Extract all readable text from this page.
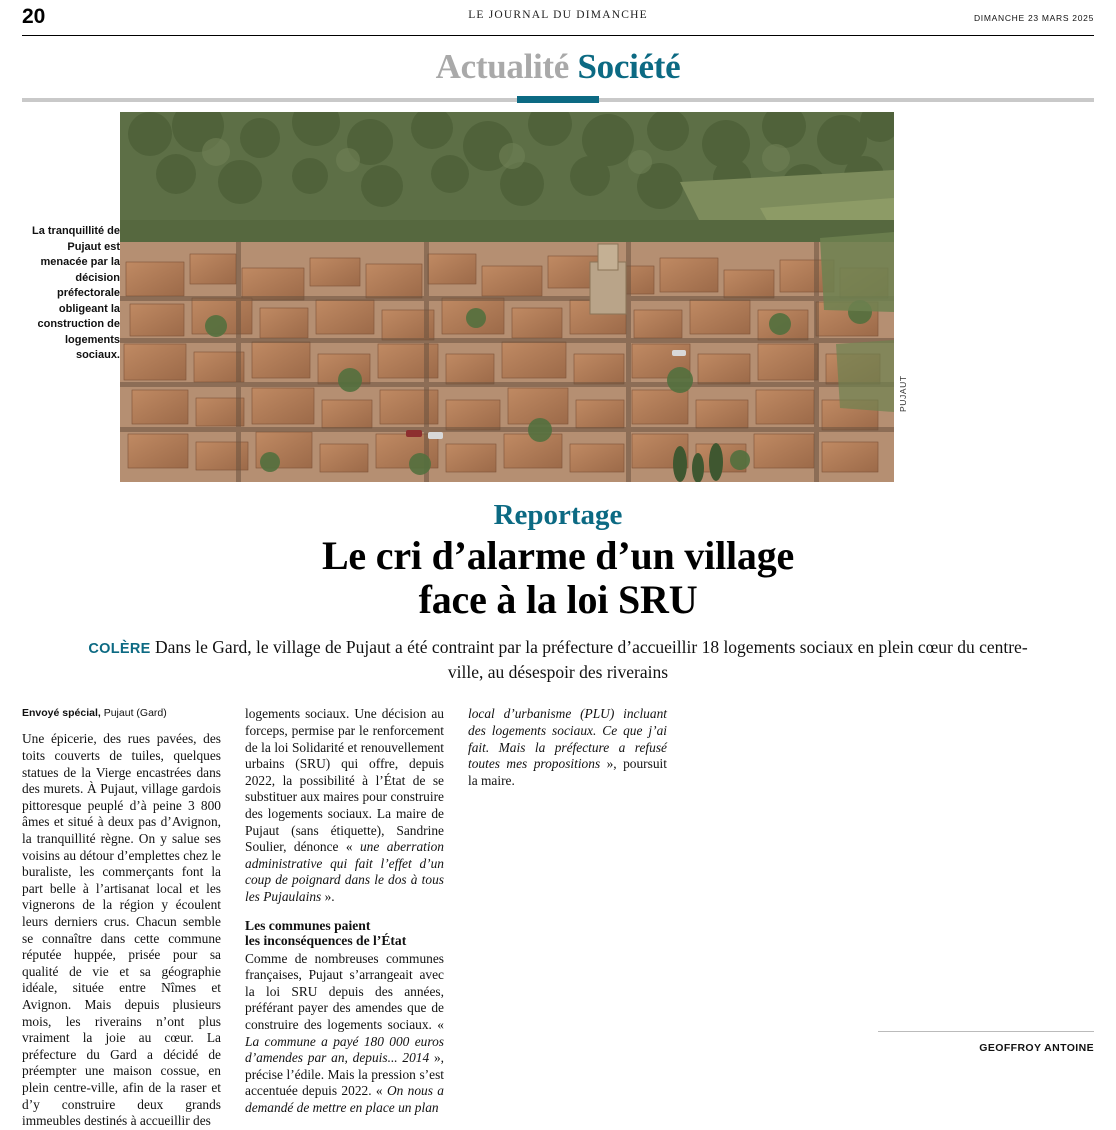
20	LE JOURNAL DU DIMANCHE	DIMANCHE 23 MARS 2025
Actualité Société
La tranquillité de Pujaut est menacée par la décision préfectorale obligeant la construction de logements sociaux.
PUJAUT
Reportage
Le cri d’alarme d’un village
face à la loi SRU
COLÈRE Dans le Gard, le village de Pujaut a été contraint par la préfecture d’accueillir 18 logements sociaux en plein cœur du centre-ville, au désespoir des riverains
Envoyé spécial, Pujaut (Gard)

Une épicerie, des rues pavées, des toits couverts de tuiles, quelques statues de la Vierge encastrées dans des murets. À Pujaut, village gardois pittoresque peuplé d’à peine 3 800 âmes et situé à deux pas d’Avignon, la tranquillité règne. On y salue ses voisins au détour d’emplettes chez le buraliste, les commerçants font la part belle à l’artisanat local et les vignerons de la région y écoulent leurs derniers crus. Chacun semble se connaître dans cette commune réputée huppée, prisée pour sa qualité de vie et sa géographie idéale, située entre Nîmes et Avignon. Mais depuis plusieurs mois, les riverains n’ont plus vraiment la joie au cœur. La préfecture du Gard a décidé de préempter une maison cossue, en plein centre-ville, afin de la raser et d’y construire deux grands immeubles destinés à accueillir des

logements sociaux. Une décision au forceps, permise par le renforcement de la loi Solidarité et renouvellement urbains (SRU) qui offre, depuis 2022, la possibilité à l’État de se substituer aux maires pour construire des logements sociaux. La maire de Pujaut (sans étiquette), Sandrine Soulier, dénonce « une aberration administrative qui fait l’effet d’un coup de poignard dans le dos à tous les Pujaulains ».

Les communes paient
les inconséquences de l’État

Comme de nombreuses communes françaises, Pujaut s’arrangeait avec la loi SRU depuis des années, préférant payer des amendes que de construire des logements sociaux. « La commune a payé 180 000 euros d’amendes par an, depuis... 2014 », précise l’édile. Mais la pression s’est accentuée depuis 2022. « On nous a demandé de mettre en place un plan

local d’urbanisme (PLU) incluant des logements sociaux. Ce que j’ai fait. Mais la préfecture a refusé toutes mes propositions », poursuit la maire.

GEOFFROY ANTOINE
